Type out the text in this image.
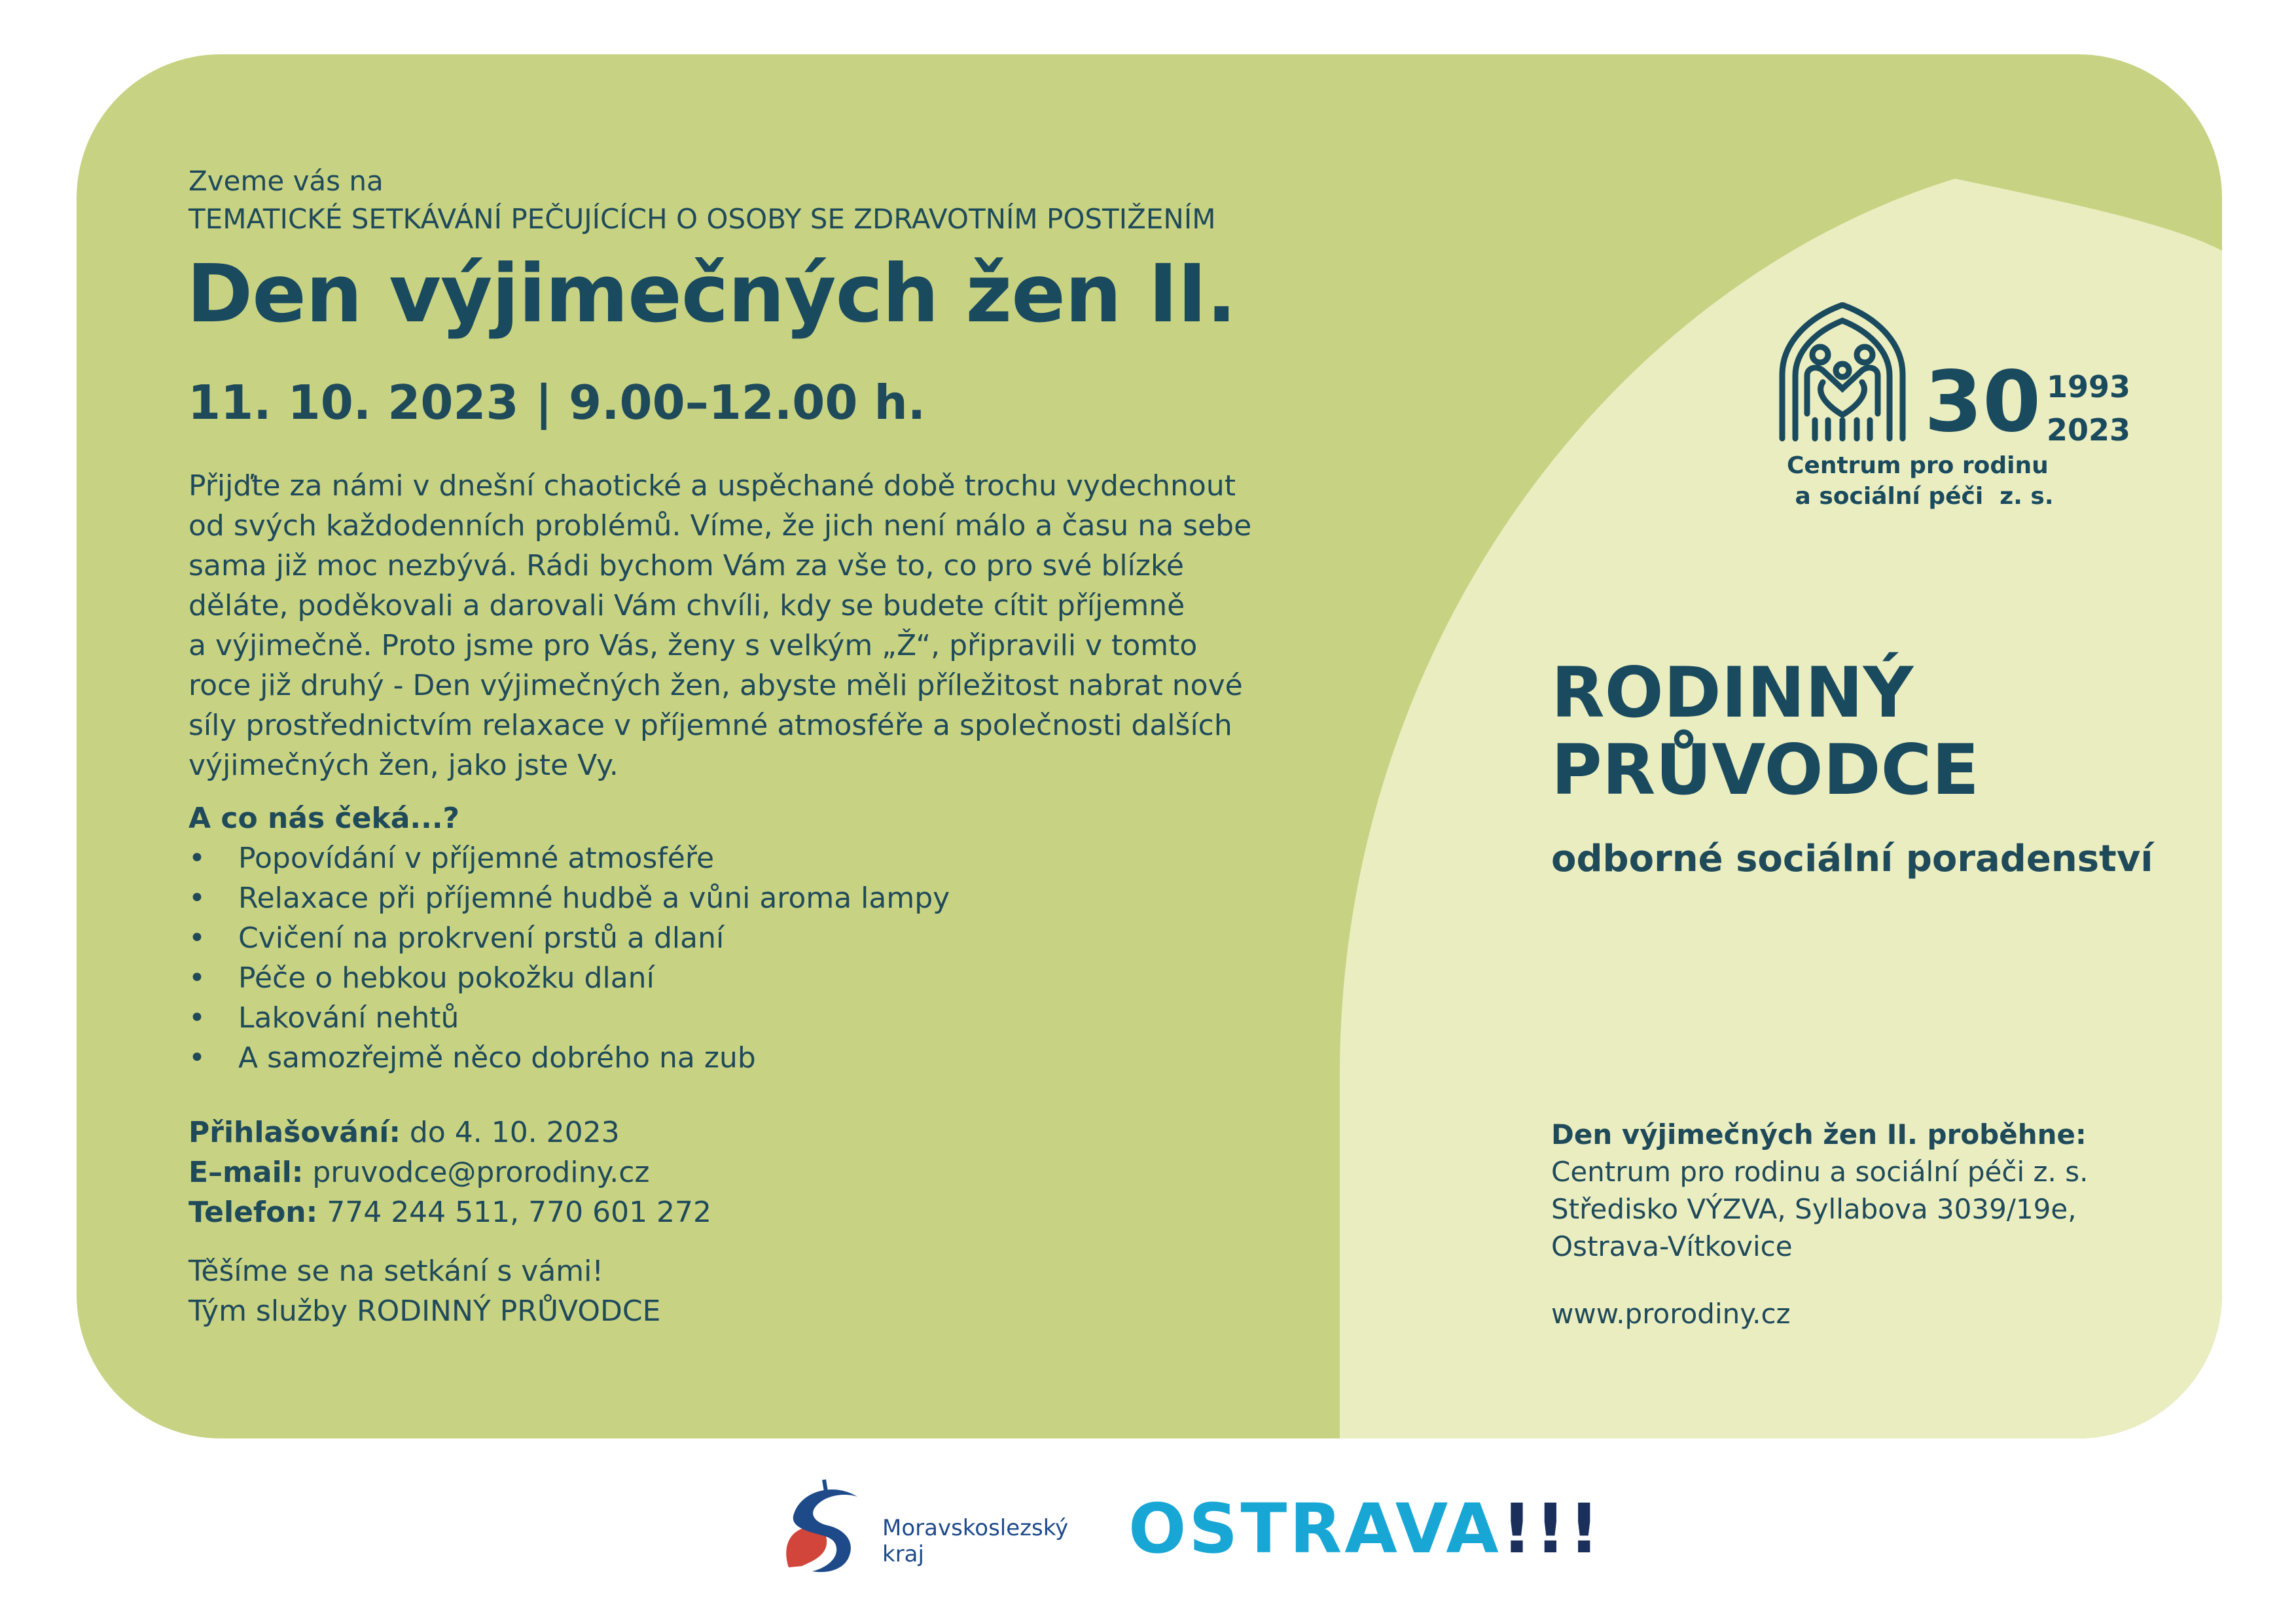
Zveme vás na
TEMATICKÉ SETKÁVÁNÍ PEČUJÍCÍCH O OSOBY SE ZDRAVOTNÍM POSTIŽENÍM
Den výjimečných žen II.
11. 10. 2023 | 9.00–12.00 h.

Přijďte za námi v dnešní chaotické a uspěchané době trochu vydechnout

od svých každodenních problémů. Víme, že jich není málo a času na sebe

sama již moc nezbývá. Rádi bychom Vám za vše to, co pro své blízké

děláte, poděkovali a darovali Vám chvíli, kdy se budete cítit příjemně

a výjimečně. Proto jsme pro Vás, ženy s velkým „Ž“, připravili v tomto

roce již druhý - Den výjimečných žen, abyste měli příležitost nabrat nové

síly prostřednictvím relaxace v příjemné atmosféře a společnosti dalších

výjimečných žen, jako jste Vy.

A co nás čeká...?
• Popovídání v příjemné atmosféře
• Relaxace při příjemné hudbě a vůni aroma lampy
• Cvičení na prokrvení prstů a dlaní
• Péče o hebkou pokožku dlaní
• Lakování nehtů
• A samozřejmě něco dobrého na zub
Přihlašování: do 4. 10. 2023
E–mail: pruvodce@prorodiny.cz
Telefon: 774 244 511, 770 601 272
Těšíme se na setkání s vámi!
Tým služby RODINNÝ PRŮVODCE
30 1993
2023
Centrum pro rodinu
a sociální péči  z. s.
RODINNÝ
PRŮVODCE
odborné sociální poradenství
Den výjimečných žen II. proběhne:
Centrum pro rodinu a sociální péči z. s.
Středisko VÝZVA, Syllabova 3039/19e,
Ostrava-Vítkovice
www.prorodiny.cz
Moravskoslezský
kraj	OSTRAVA!!!
